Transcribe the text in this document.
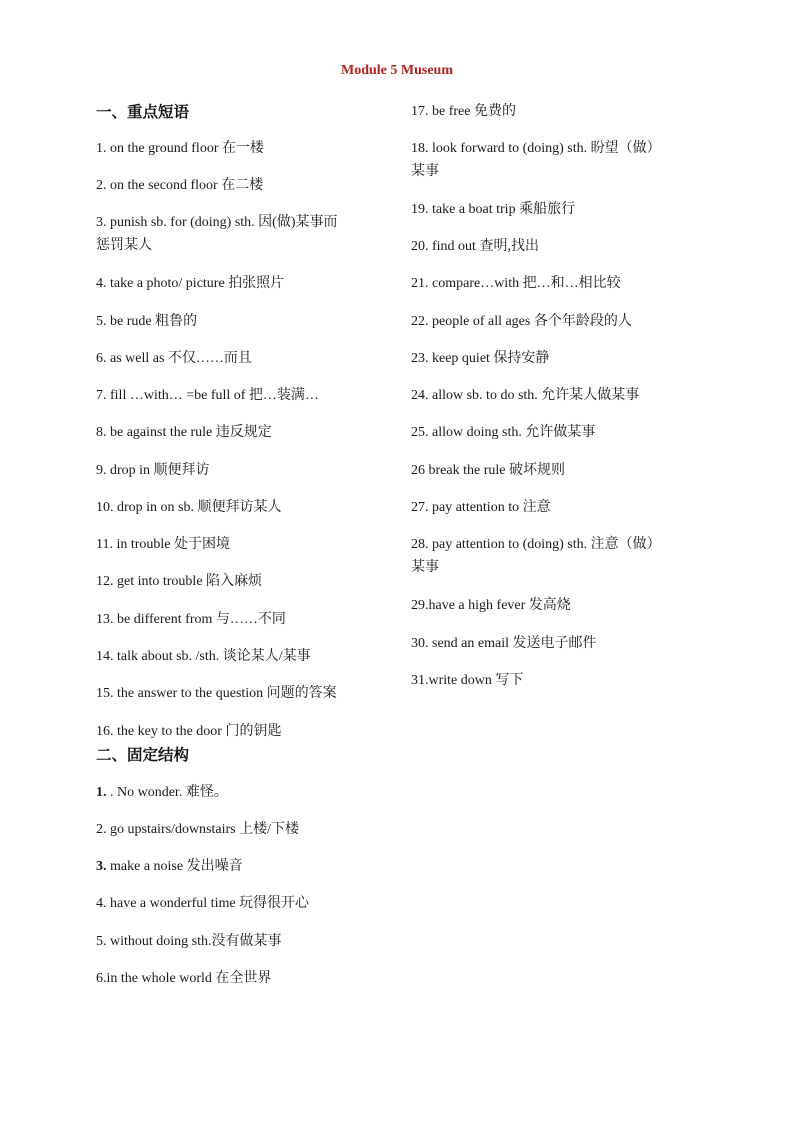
Module 5 Museum
一、重点短语
1. on the ground floor 在一楼
2. on the second floor 在二楼
3. punish sb. for (doing) sth. 因(做)某事而
惩罚某人
4. take a photo/ picture 拍张照片
5. be rude 粗鲁的
6. as well as 不仅……而且
7. fill …with… =be full of 把…装满…
8. be against the rule 违反规定
9. drop in 顺便拜访
10. drop in on sb. 顺便拜访某人
11. in trouble 处于困境
12. get into trouble 陷入麻烦
13. be different from 与……不同
14. talk about sb. /sth. 谈论某人/某事
15. the answer to the question 问题的答案
16. the key to the door 门的钥匙
17. be free 免费的
18. look forward to (doing) sth. 盼望（做）
某事
19. take a boat trip 乘船旅行
20. find out 查明,找出
21. compare…with 把…和…相比较
22. people of all ages 各个年龄段的人
23. keep quiet 保持安静
24. allow sb. to do sth. 允许某人做某事
25. allow doing sth. 允许做某事
26 break the rule 破坏规则
27. pay attention to 注意
28. pay attention to (doing) sth. 注意（做）
某事
29.have a high fever 发高烧
30. send an email 发送电子邮件
31.write down 写下
二、固定结构
1. . No wonder. 难怪。
2. go upstairs/downstairs 上楼/下楼
3. make a noise 发出噪音
4. have a wonderful time 玩得很开心
5. without doing sth.没有做某事
6.in the whole world 在全世界
